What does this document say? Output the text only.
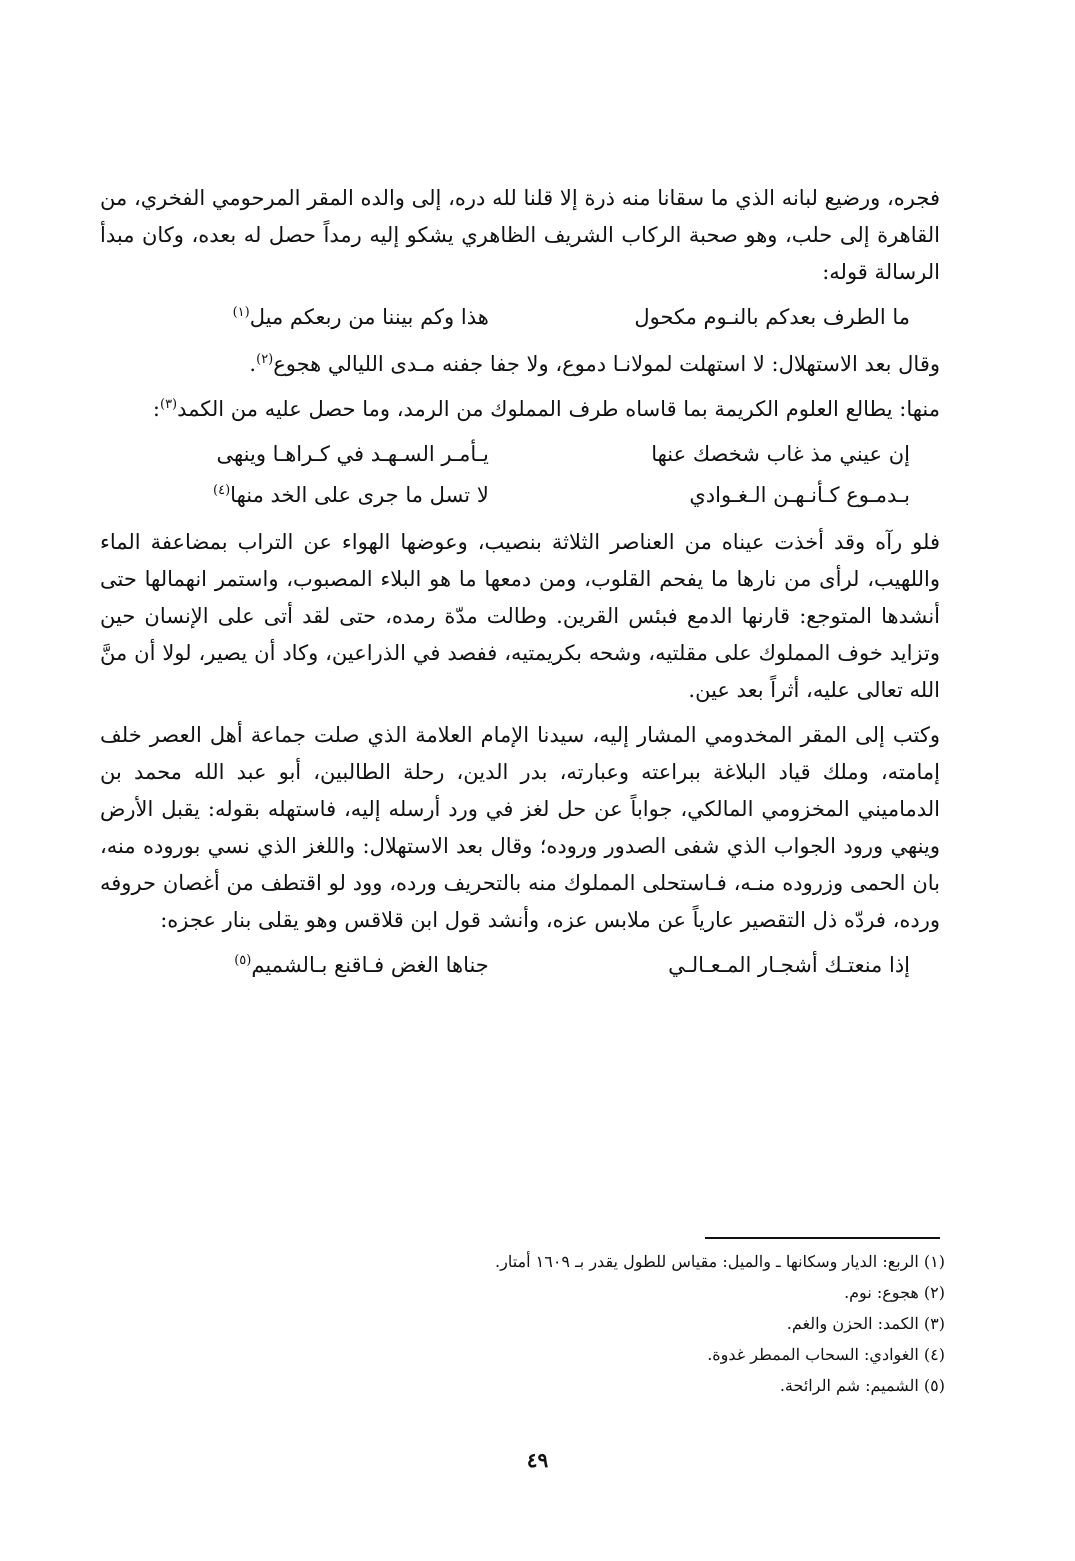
فجره، ورضيع لبانه الذي ما سقانا منه ذرة إلا قلنا لله دره، إلى والده المقر المرحومي الفخري، من القاهرة إلى حلب، وهو صحبة الركاب الشريف الظاهري يشكو إليه رمداً حصل له بعده، وكان مبدأ الرسالة قوله:

ما الطرف بعدكم بالنـوم مكحول
هذا وكم بيننا من ربعكم ميل$^{(١)}$

وقال بعد الاستهلال: لا استهلت لمولانـا دموع، ولا جفا جفنه مـدى الليالي هجوع$^{(٢)}$.

منها: يطالع العلوم الكريمة بما قاساه طرف المملوك من الرمد، وما حصل عليه من الكمد$^{(٣)}$:

إن عيني مذ غاب شخصك عنها
يـأمـر السـهـد في كـراهـا وينهى
بـدمـوع كـأنـهـن الـغـوادي
لا تسل ما جرى على الخد منها$^{(٤)}$

فلو رآه وقد أخذت عيناه من العناصر الثلاثة بنصيب، وعوضها الهواء عن التراب بمضاعفة الماء واللهيب، لرأى من نارها ما يفحم القلوب، ومن دمعها ما هو البلاء المصبوب، واستمر انهمالها حتى أنشدها المتوجع: قارنها الدمع فبئس القرين. وطالت مدّة رمده، حتى لقد أتى على الإنسان حين وتزايد خوف المملوك على مقلتيه، وشحه بكريمتيه، ففصد في الذراعين، وكاد أن يصير، لولا أن منَّ الله تعالى عليه، أثراً بعد عين.

وكتب إلى المقر المخدومي المشار إليه، سيدنا الإمام العلامة الذي صلت جماعة أهل العصر خلف إمامته، وملك قياد البلاغة ببراعته وعبارته، بدر الدين، رحلة الطالبين، أبو عبد الله محمد بن الدماميني المخزومي المالكي، جواباً عن حل لغز في ورد أرسله إليه، فاستهله بقوله: يقبل الأرض وينهي ورود الجواب الذي شفى الصدور وروده؛ وقال بعد الاستهلال: واللغز الذي نسي بوروده منه، بان الحمى وزروده منـه، فـاستحلى المملوك منه بالتحريف ورده، وود لو اقتطف من أغصان حروفه ورده، فردّه ذل التقصير عارياً عن ملابس عزه، وأنشد قول ابن قلاقس وهو يقلى بنار عجزه:

إذا منعتـك أشجـار المـعـالـي
جناها الغض فـاقنع بـالشميم$^{(٥)}$

(١) الربع: الديار وسكانها ـ والميل: مقياس للطول يقدر بـ ١٦٠٩ أمتار.

(٢) هجوع: نوم.

(٣) الكمد: الحزن والغم.

(٤) الغوادي: السحاب الممطر غدوة.

(٥) الشميم: شم الرائحة.

٤٩
